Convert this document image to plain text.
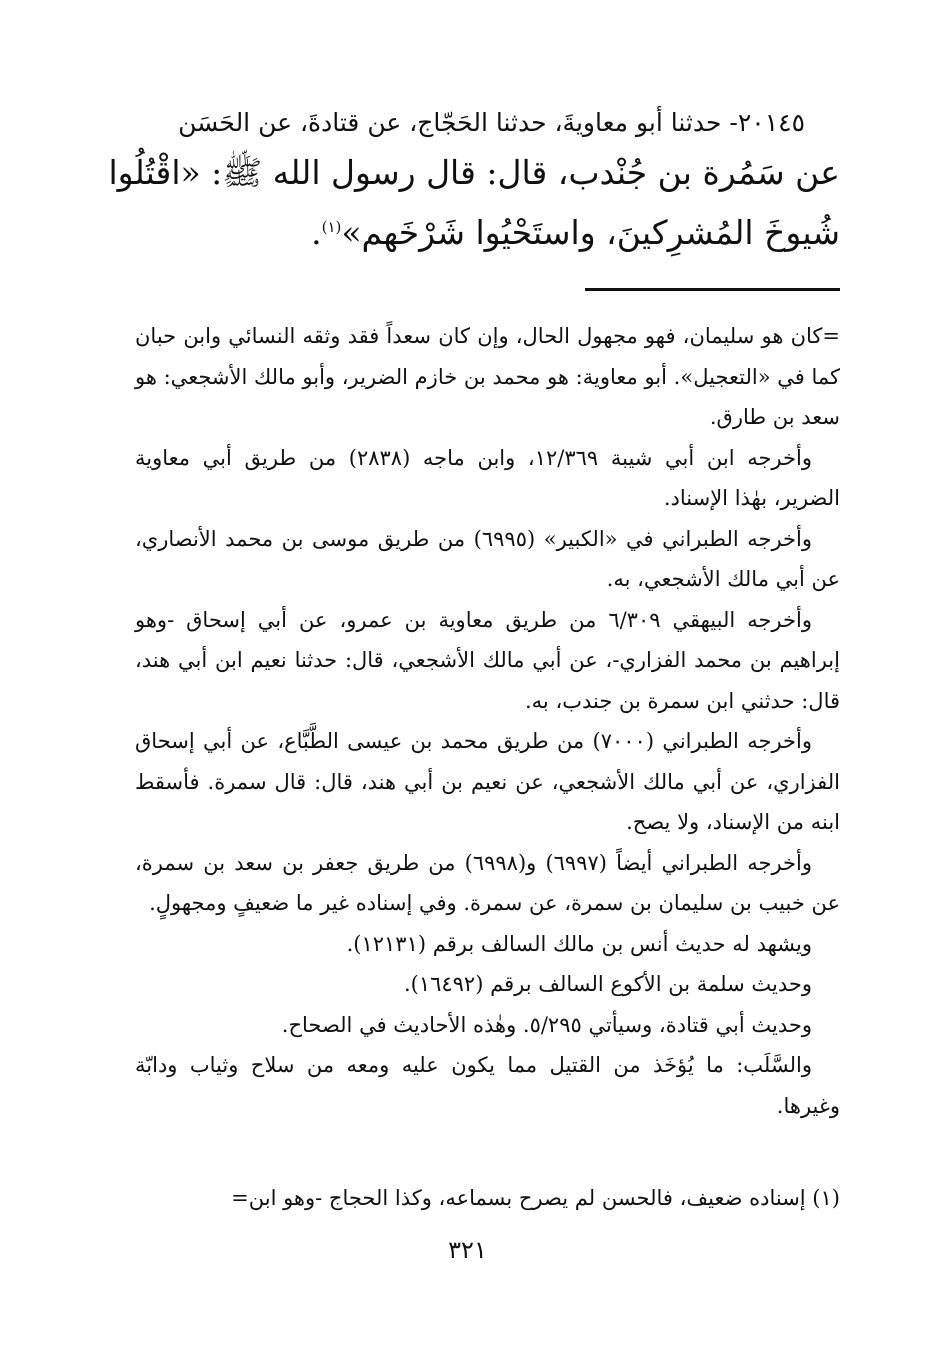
٢٠١٤٥- حدثنا أبو معاويةَ، حدثنا الحَجّاج، عن قتادةَ، عن الحَسَن
عن سَمُرة بن جُنْدب، قال: قال رسول الله ﷺ: «اقْتُلُوا
شُيوخَ المُشرِكينَ، واستَحْيُوا شَرْخَهم»$^{(١)}$.

=كان هو سليمان، فهو مجهول الحال، وإن كان سعداً فقد وثقه النسائي وابن حبان كما في «التعجيل». أبو معاوية: هو محمد بن خازم الضرير، وأبو مالك الأشجعي: هو سعد بن طارق.

وأخرجه ابن أبي شيبة ١٢/٣٦٩، وابن ماجه (٢٨٣٨) من طريق أبي معاوية الضرير، بهٰذا الإسناد.

وأخرجه الطبراني في «الكبير» (٦٩٩٥) من طريق موسى بن محمد الأنصاري، عن أبي مالك الأشجعي، به.

وأخرجه البيهقي ٦/٣٠٩ من طريق معاوية بن عمرو، عن أبي إسحاق -وهو إبراهيم بن محمد الفزاري-، عن أبي مالك الأشجعي، قال: حدثنا نعيم ابن أبي هند، قال: حدثني ابن سمرة بن جندب، به.

وأخرجه الطبراني (٧٠٠٠) من طريق محمد بن عيسى الطَّبَّاع، عن أبي إسحاق الفزاري، عن أبي مالك الأشجعي، عن نعيم بن أبي هند، قال: قال سمرة. فأسقط ابنه من الإسناد، ولا يصح.

وأخرجه الطبراني أيضاً (٦٩٩٧) و(٦٩٩٨) من طريق جعفر بن سعد بن سمرة، عن خبيب بن سليمان بن سمرة، عن سمرة. وفي إسناده غير ما ضعيفٍ ومجهولٍ.

ويشهد له حديث أنس بن مالك السالف برقم (١٢١٣١).

وحديث سلمة بن الأكوع السالف برقم (١٦٤٩٢).

وحديث أبي قتادة، وسيأتي ٥/٢٩٥. وهٰذه الأحاديث في الصحاح.

والسَّلَب: ما يُؤخَذ من القتيل مما يكون عليه ومعه من سلاح وثياب ودابّة وغيرها.

(١) إسناده ضعيف، فالحسن لم يصرح بسماعه، وكذا الحجاج -وهو ابن=
٣٢١
